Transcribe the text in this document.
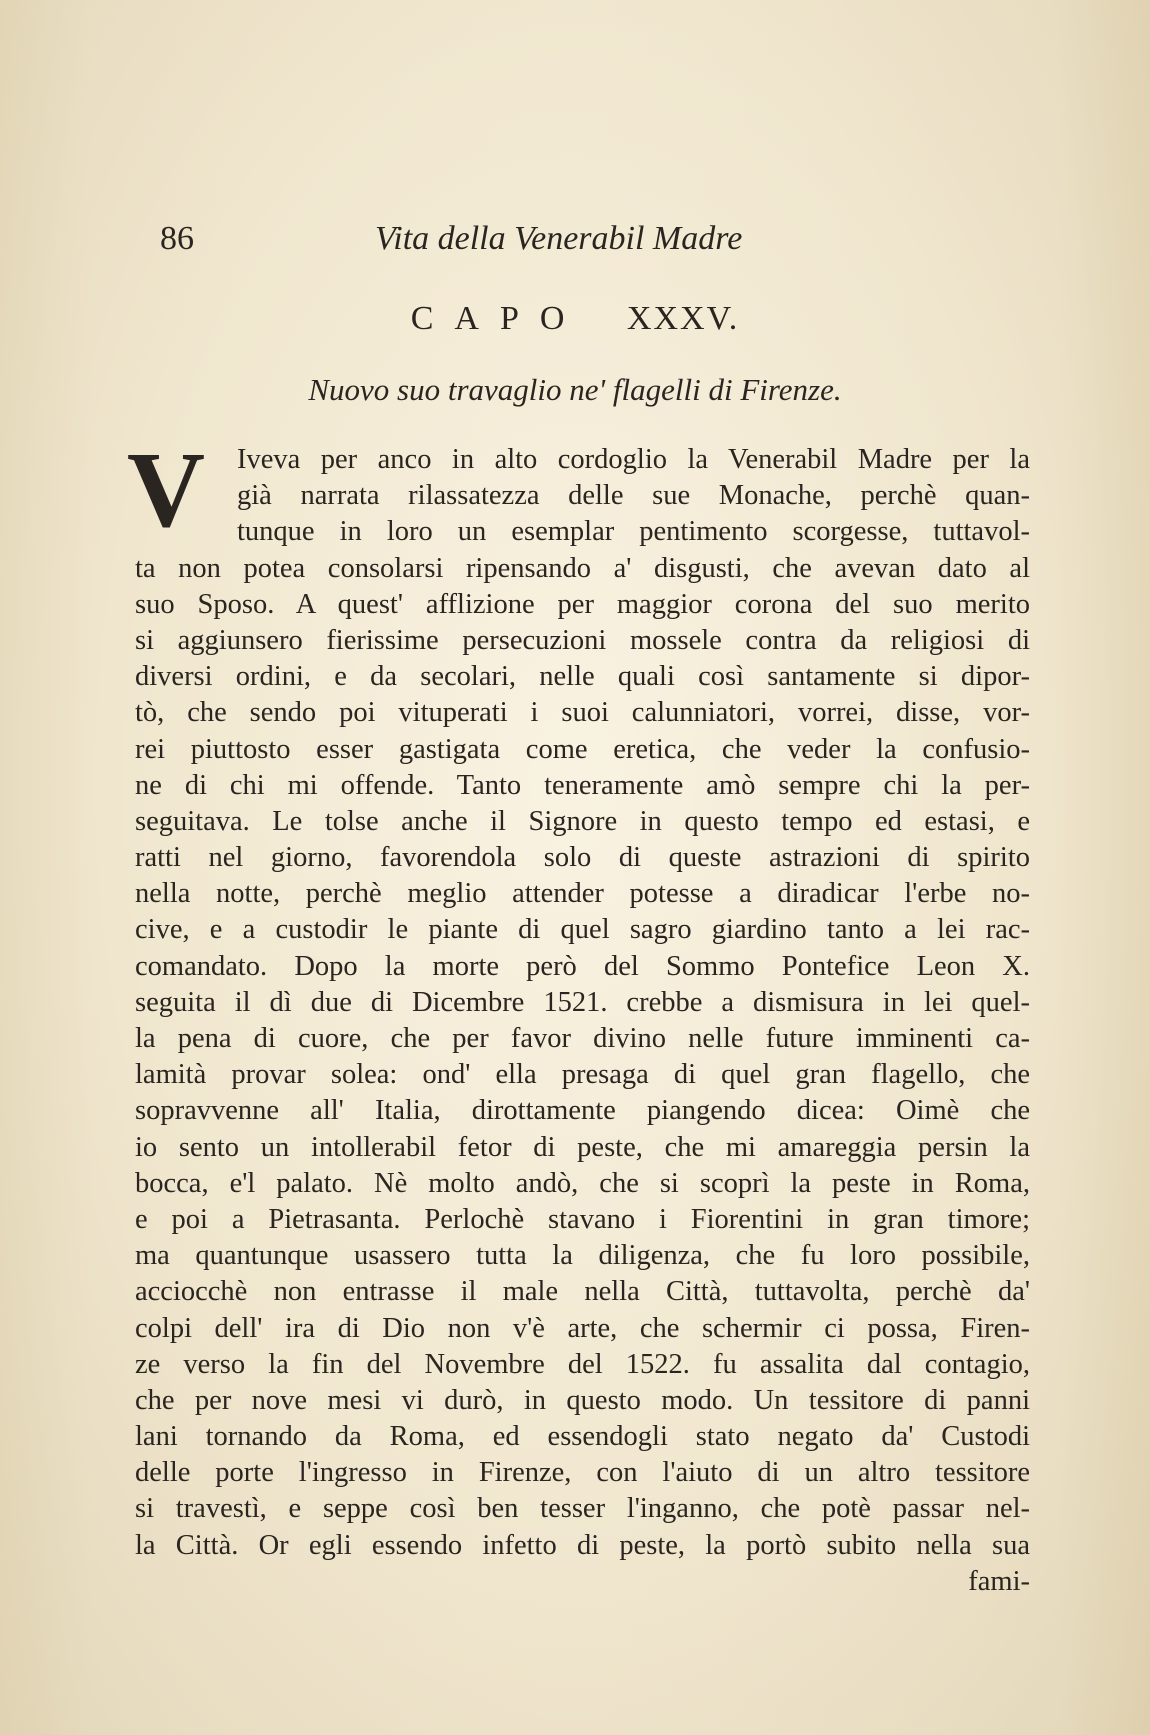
86	Vita della Venerabil Madre
CAPO XXXV.
Nuovo suo travaglio ne' flagelli di Firenze.
V	Iveva per anco in alto cordoglio la Venerabil Madre per la
già narrata rilassatezza delle sue Monache, perchè quan-
tunque in loro un esemplar pentimento scorgesse, tuttavol-
ta non potea consolarsi ripensando a' disgusti, che avevan dato al
suo Sposo. A quest' afflizione per maggior corona del suo merito
si aggiunsero fierissime persecuzioni mossele contra da religiosi di
diversi ordini, e da secolari, nelle quali così santamente si dipor-
tò, che sendo poi vituperati i suoi calunniatori, vorrei, disse, vor-
rei piuttosto esser gastigata come eretica, che veder la confusio-
ne di chi mi offende. Tanto teneramente amò sempre chi la per-
seguitava. Le tolse anche il Signore in questo tempo ed estasi, e
ratti nel giorno, favorendola solo di queste astrazioni di spirito
nella notte, perchè meglio attender potesse a diradicar l'erbe no-
cive, e a custodir le piante di quel sagro giardino tanto a lei rac-
comandato. Dopo la morte però del Sommo Pontefice Leon X.
seguita il dì due di Dicembre 1521. crebbe a dismisura in lei quel-
la pena di cuore, che per favor divino nelle future imminenti ca-
lamità provar solea: ond' ella presaga di quel gran flagello, che
sopravvenne all' Italia, dirottamente piangendo dicea: Oimè che
io sento un intollerabil fetor di peste, che mi amareggia persin la
bocca, e'l palato. Nè molto andò, che si scoprì la peste in Roma,
e poi a Pietrasanta. Perlochè stavano i Fiorentini in gran timore;
ma quantunque usassero tutta la diligenza, che fu loro possibile,
acciocchè non entrasse il male nella Città, tuttavolta, perchè da'
colpi dell' ira di Dio non v'è arte, che schermir ci possa, Firen-
ze verso la fin del Novembre del 1522. fu assalita dal contagio,
che per nove mesi vi durò, in questo modo. Un tessitore di panni
lani tornando da Roma, ed essendogli stato negato da' Custodi
delle porte l'ingresso in Firenze, con l'aiuto di un altro tessitore
si travestì, e seppe così ben tesser l'inganno, che potè passar nel-
la Città. Or egli essendo infetto di peste, la portò subito nella sua
fami-
